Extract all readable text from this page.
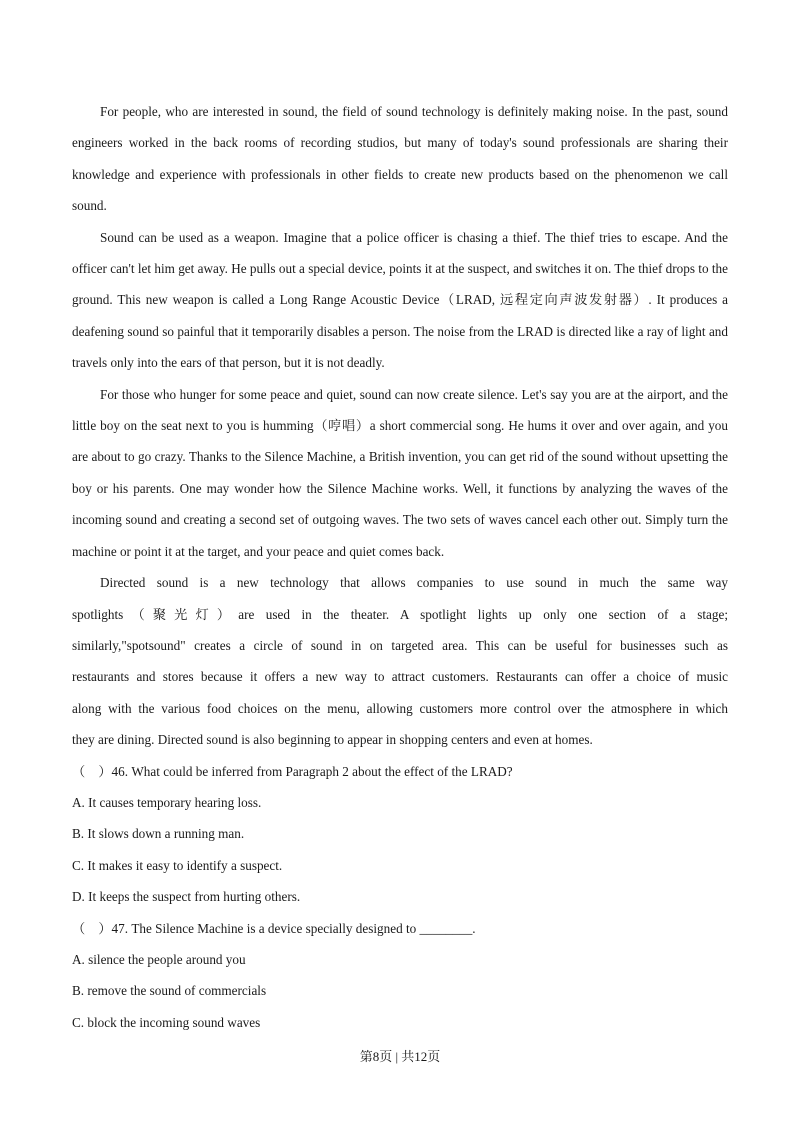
For people, who are interested in sound, the field of sound technology is definitely making noise. In the past, sound engineers worked in the back rooms of recording studios, but many of today's sound professionals are sharing their knowledge and experience with professionals in other fields to create new products based on the phenomenon we call sound.

Sound can be used as a weapon. Imagine that a police officer is chasing a thief. The thief tries to escape. And the officer can't let him get away. He pulls out a special device, points it at the suspect, and switches it on. The thief drops to the ground. This new weapon is called a Long Range Acoustic Device（LRAD, 远程定向声波发射器）. It produces a deafening sound so painful that it temporarily disables a person. The noise from the LRAD is directed like a ray of light and travels only into the ears of that person, but it is not deadly.

For those who hunger for some peace and quiet, sound can now create silence. Let's say you are at the airport, and the little boy on the seat next to you is humming（哼唱）a short commercial song. He hums it over and over again, and you are about to go crazy. Thanks to the Silence Machine, a British invention, you can get rid of the sound without upsetting the boy or his parents. One may wonder how the Silence Machine works. Well, it functions by analyzing the waves of the incoming sound and creating a second set of outgoing waves. The two sets of waves cancel each other out. Simply turn the machine or point it at the target, and your peace and quiet comes back.

Directed sound is a new technology that allows companies to use sound in much the same way

spotlights（聚光灯）are used in the theater. A spotlight lights up only one section of a stage;

similarly,"spotsound" creates a circle of sound in on targeted area. This can be useful for businesses such as

restaurants and stores because it offers a new way to attract customers. Restaurants can offer a choice of music

along with the various food choices on the menu, allowing customers more control over the atmosphere in which

they are dining. Directed sound is also beginning to appear in shopping centers and even at homes.

（　）46. What could be inferred from Paragraph 2 about the effect of the LRAD?

A. It causes temporary hearing loss.

B. It slows down a running man.

C. It makes it easy to identify a suspect.

D. It keeps the suspect from hurting others.

（　）47. The Silence Machine is a device specially designed to ________.

A. silence the people around you

B. remove the sound of commercials

C. block the incoming sound waves

第8页 | 共12页
